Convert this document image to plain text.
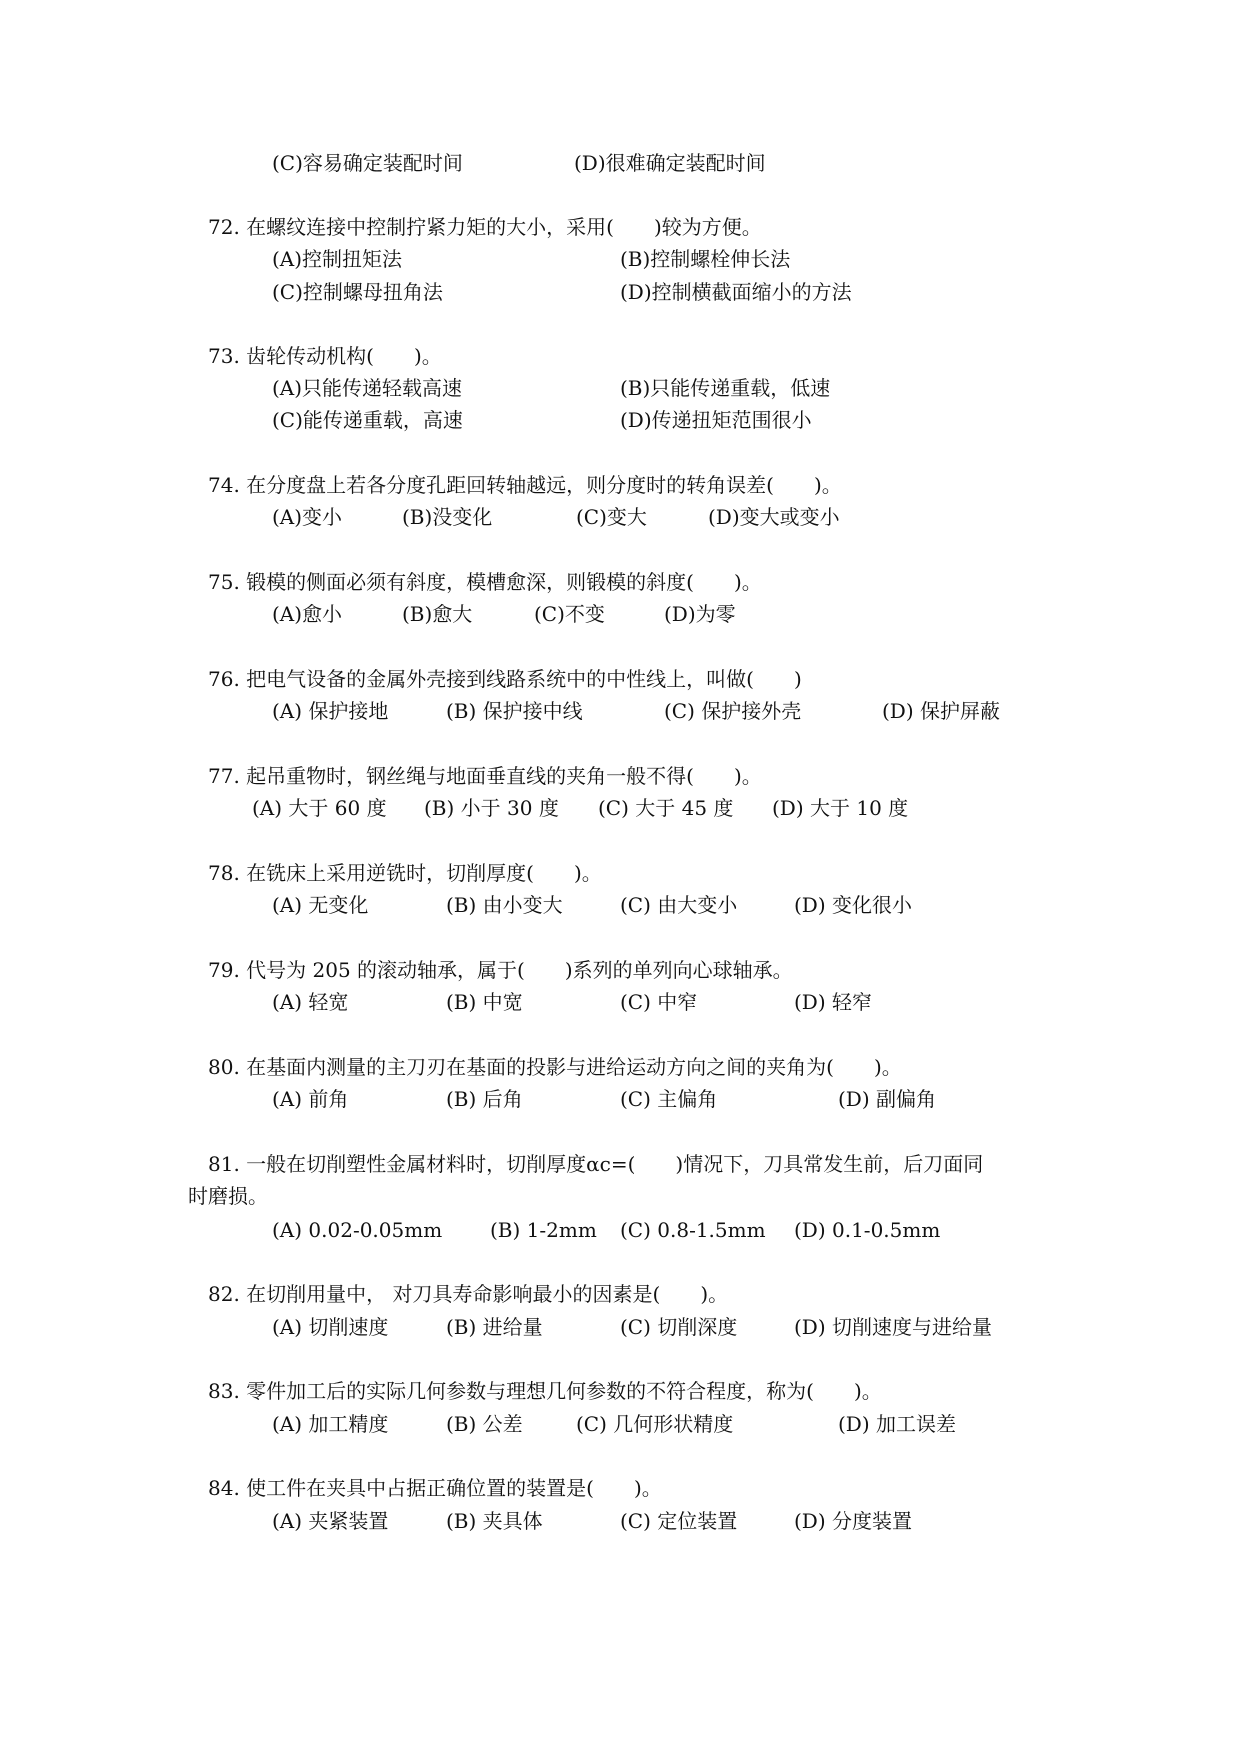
(C)容易确定装配时间	(D)很难确定装配时间
72. 在螺纹连接中控制拧紧力矩的大小，采用(　　)较为方便。
(A)控制扭矩法	(B)控制螺栓伸长法
(C)控制螺母扭角法	(D)控制横截面缩小的方法
73. 齿轮传动机构(　　)。
(A)只能传递轻载高速	(B)只能传递重载，低速
(C)能传递重载，高速	(D)传递扭矩范围很小
74. 在分度盘上若各分度孔距回转轴越远，则分度时的转角误差(　　)。
(A)变小	(B)没变化	(C)变大	(D)变大或变小
75. 锻模的侧面必须有斜度，模槽愈深，则锻模的斜度(　　)。
(A)愈小	(B)愈大	(C)不变	(D)为零
76. 把电气设备的金属外壳接到线路系统中的中性线上，叫做(　　)
(A) 保护接地	(B) 保护接中线	(C) 保护接外壳	(D) 保护屏蔽
77. 起吊重物时，钢丝绳与地面垂直线的夹角一般不得(　　)。
(A) 大于 60 度 (B) 小于 30 度 (C) 大于 45 度 (D) 大于 10 度
78. 在铣床上采用逆铣时，切削厚度(　　)。
(A) 无变化	(B) 由小变大	(C) 由大变小	(D) 变化很小
79. 代号为 205 的滚动轴承，属于(　　)系列的单列向心球轴承。
(A) 轻宽	(B) 中宽	(C) 中窄	(D) 轻窄
80. 在基面内测量的主刀刃在基面的投影与进给运动方向之间的夹角为(　　)。
(A) 前角	(B) 后角	(C) 主偏角	(D) 副偏角
81. 一般在切削塑性金属材料时，切削厚度αc=(　　)情况下，刀具常发生前，后刀面同
时磨损。
(A) 0.02-0.05mm (B) 1-2mm (C) 0.8-1.5mm (D) 0.1-0.5mm
82. 在切削用量中， 对刀具寿命影响最小的因素是(　　)。
(A) 切削速度	(B) 进给量	(C) 切削深度	(D) 切削速度与进给量
83. 零件加工后的实际几何参数与理想几何参数的不符合程度，称为(　　)。
(A) 加工精度	(B) 公差	(C) 几何形状精度	(D) 加工误差
84. 使工件在夹具中占据正确位置的装置是(　　)。
(A) 夹紧装置	(B) 夹具体	(C) 定位装置	(D) 分度装置
